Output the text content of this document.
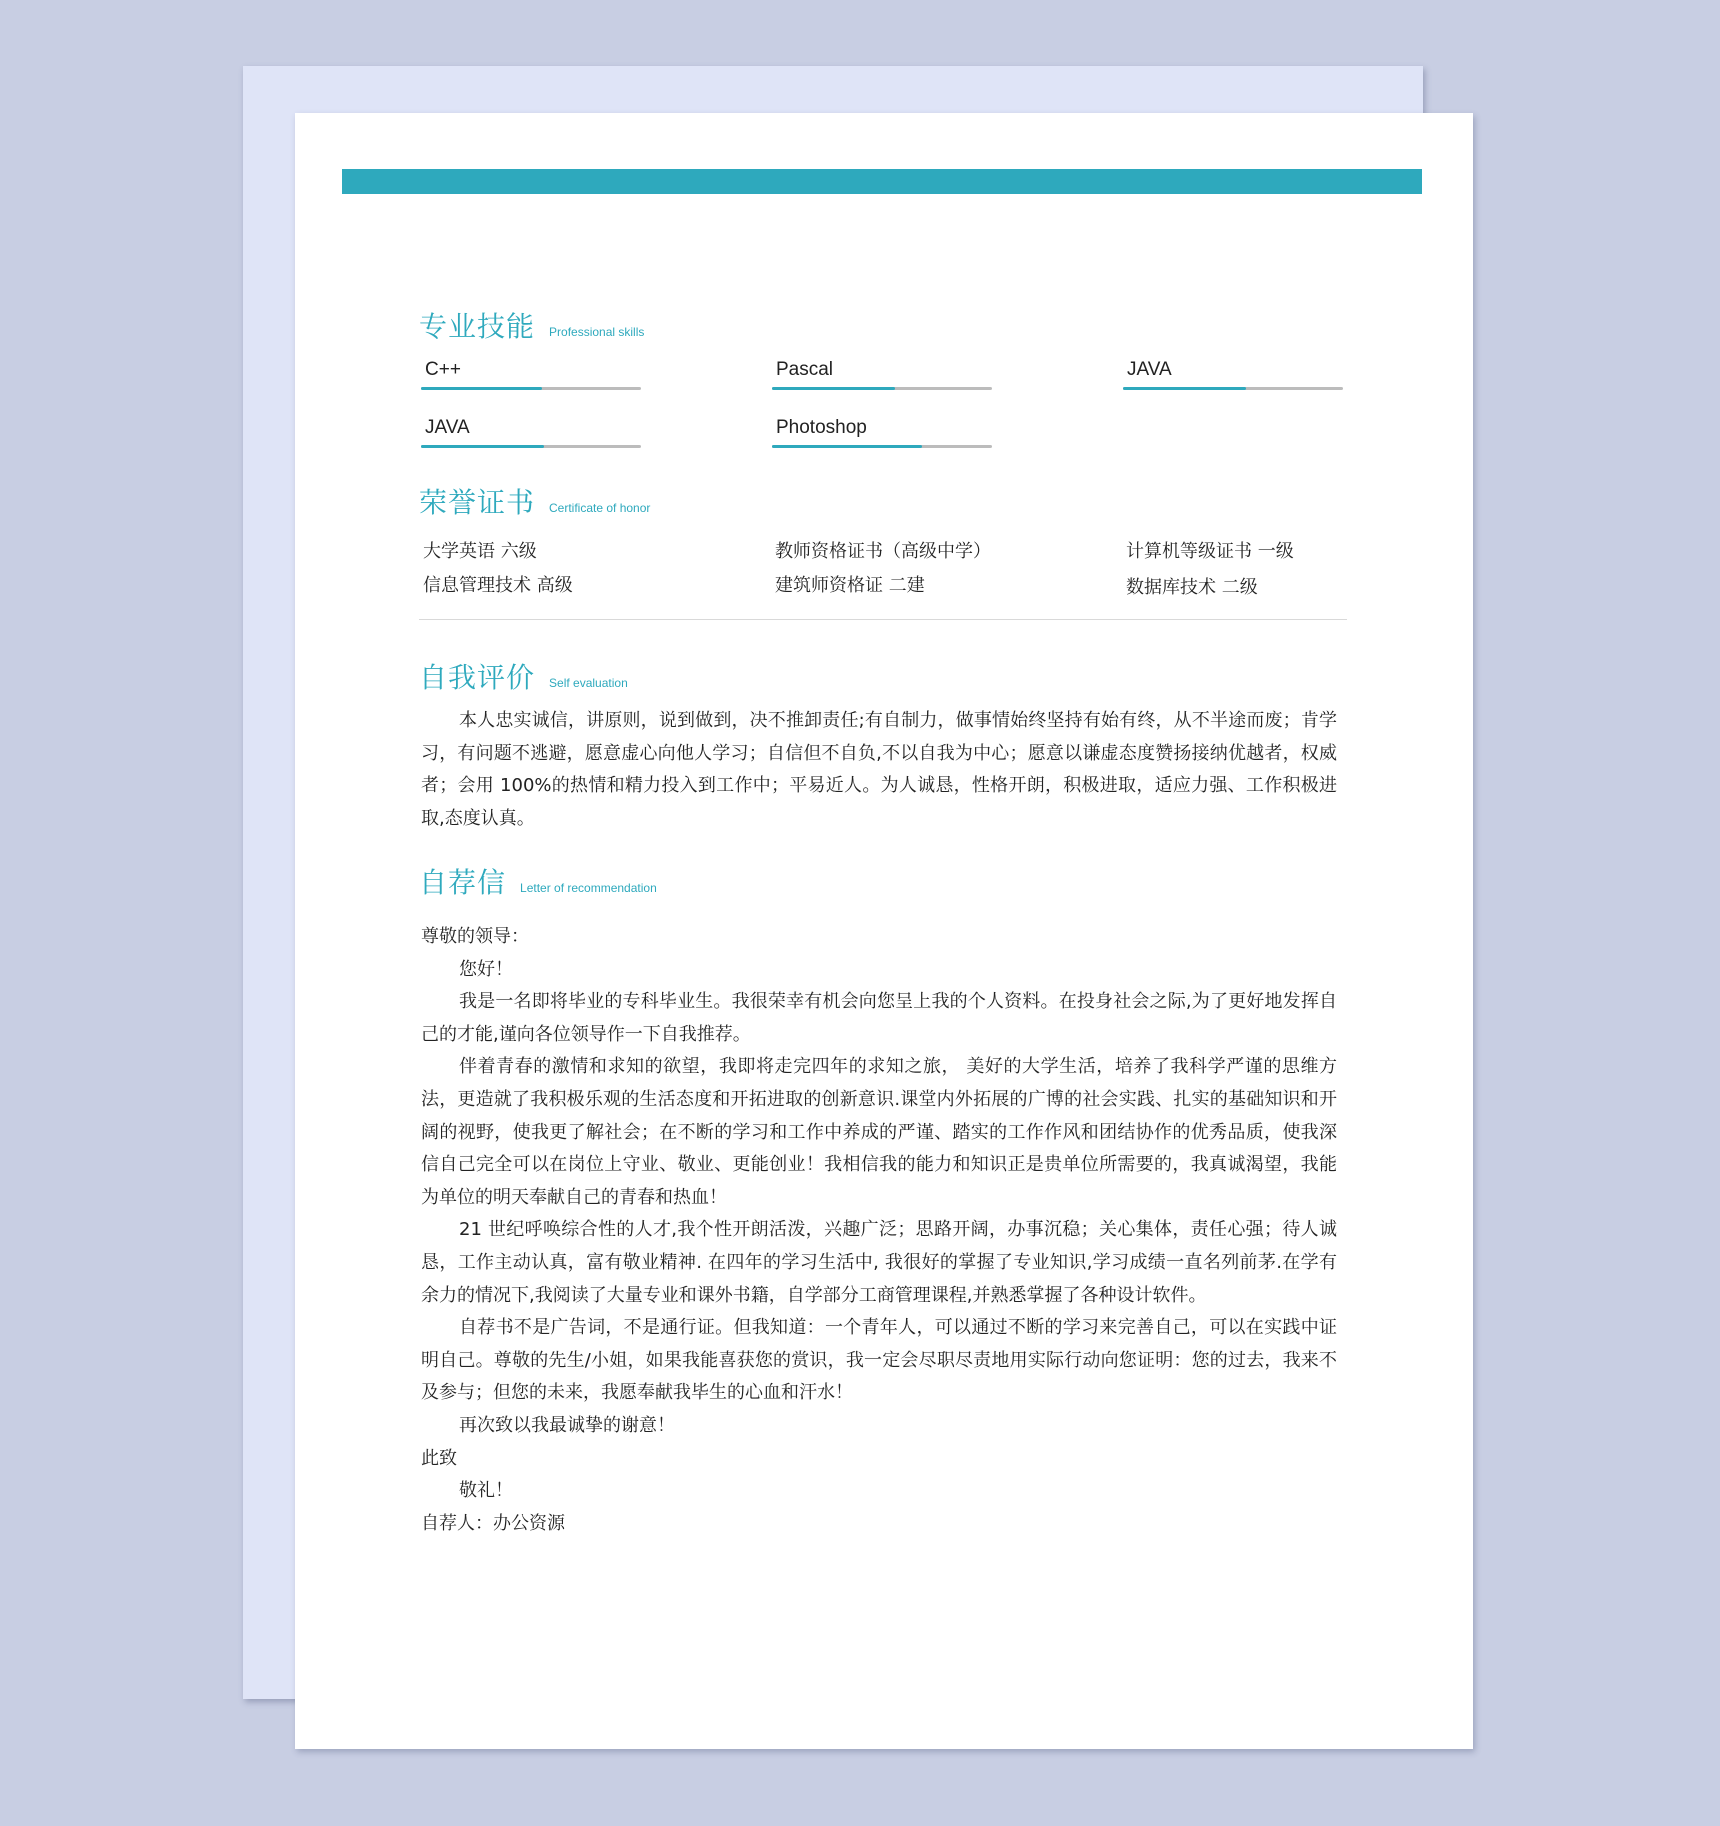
专业技能 Professional skills
C++	Pascal	JAVA
JAVA	Photoshop
荣誉证书 Certificate of honor
大学英语 六级	教师资格证书（高级中学）	计算机等级证书 一级
信息管理技术 高级	建筑师资格证 二建	数据库技术 二级
自我评价 Self evaluation

本人忠实诚信，讲原则，说到做到，决不推卸责任;有自制力，做事情始终坚持有始有终，从不半途而废；肯学习，有问题不逃避，愿意虚心向他人学习；自信但不自负,不以自我为中心；愿意以谦虚态度赞扬接纳优越者，权威者；会用 100%的热情和精力投入到工作中；平易近人。为人诚恳，性格开朗，积极进取，适应力强、工作积极进取,态度认真。

自荐信 Letter of recommendation

尊敬的领导：

您好！

我是一名即将毕业的专科毕业生。我很荣幸有机会向您呈上我的个人资料。在投身社会之际,为了更好地发挥自己的才能,谨向各位领导作一下自我推荐。

伴着青春的激情和求知的欲望，我即将走完四年的求知之旅， 美好的大学生活，培养了我科学严谨的思维方法，更造就了我积极乐观的生活态度和开拓进取的创新意识.课堂内外拓展的广博的社会实践、扎实的基础知识和开阔的视野，使我更了解社会；在不断的学习和工作中养成的严谨、踏实的工作作风和团结协作的优秀品质，使我深信自己完全可以在岗位上守业、敬业、更能创业！我相信我的能力和知识正是贵单位所需要的，我真诚渴望，我能为单位的明天奉献自己的青春和热血！

21 世纪呼唤综合性的人才,我个性开朗活泼，兴趣广泛；思路开阔，办事沉稳；关心集体，责任心强；待人诚恳，工作主动认真，富有敬业精神. 在四年的学习生活中, 我很好的掌握了专业知识,学习成绩一直名列前茅.在学有余力的情况下,我阅读了大量专业和课外书籍，自学部分工商管理课程,并熟悉掌握了各种设计软件。

自荐书不是广告词，不是通行证。但我知道：一个青年人，可以通过不断的学习来完善自己，可以在实践中证明自己。尊敬的先生/小姐，如果我能喜获您的赏识，我一定会尽职尽责地用实际行动向您证明：您的过去，我来不及参与；但您的未来，我愿奉献我毕生的心血和汗水！

再次致以我最诚挚的谢意！

此致

敬礼！

自荐人：办公资源
